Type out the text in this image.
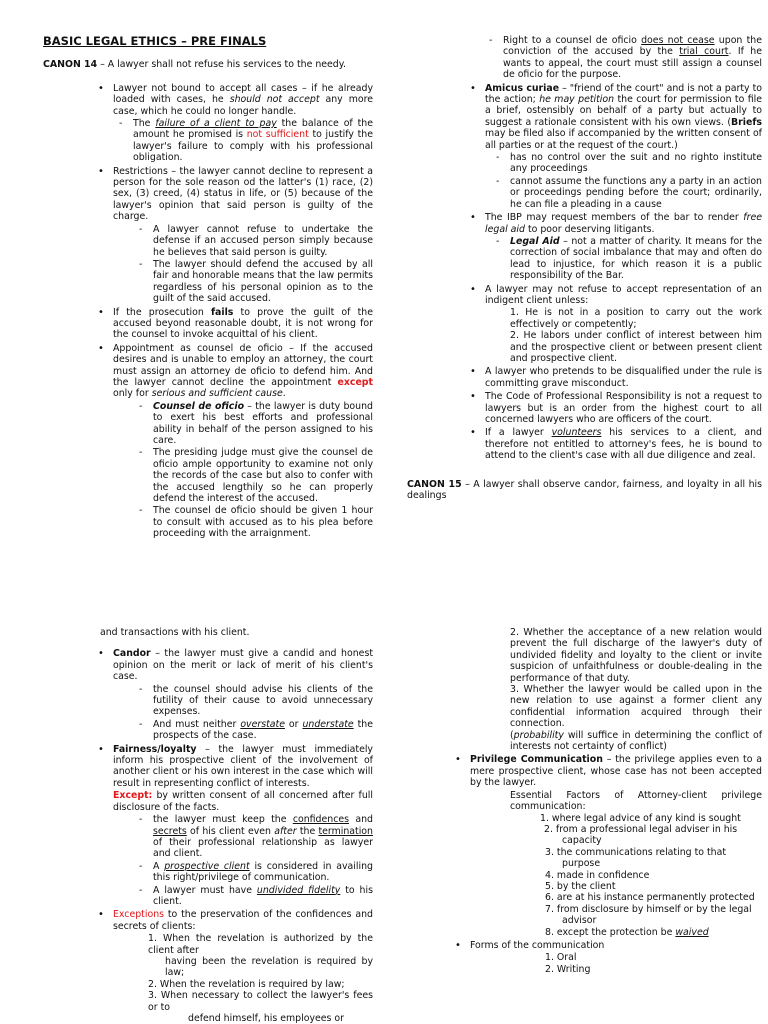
BASIC LEGAL ETHICS – PRE FINALS

CANON 14 – A lawyer shall not refuse his services to the needy.

• Lawyer not bound to accept all cases – if he already loaded with cases, he should not accept any more case, which he could no longer handle.
- The failure of a client to pay the balance of the amount he promised is not sufficient to justify the lawyer's failure to comply with his professional obligation.
• Restrictions – the lawyer cannot decline to represent a person for the sole reason od the latter's (1) race, (2) sex, (3) creed, (4) status in life, or (5) because of the lawyer's opinion that said person is guilty of the charge.
- A lawyer cannot refuse to undertake the defense if an accused person simply because he believes that said person is guilty.
- The lawyer should defend the accused by all fair and honorable means that the law permits regardless of his personal opinion as to the guilt of the said accused.
• If the prosecution fails to prove the guilt of the accused beyond reasonable doubt, it is not wrong for the counsel to invoke acquittal of his client.
• Appointment as counsel de oficio – If the accused desires and is unable to employ an attorney, the court must assign an attorney de oficio to defend him. And the lawyer cannot decline the appointment except only for serious and sufficient cause.
- Counsel de oficio – the lawyer is duty bound to exert his best efforts and professional ability in behalf of the person assigned to his care.
- The presiding judge must give the counsel de oficio ample opportunity to examine not only the records of the case but also to confer with the accused lengthily so he can properly defend the interest of the accused.
- The counsel de oficio should be given 1 hour to consult with accused as to his plea before proceeding with the arraignment.
- Right to a counsel de oficio does not cease upon the conviction of the accused by the trial court. If he wants to appeal, the court must still assign a counsel de oficio for the purpose.
• Amicus curiae – "friend of the court" and is not a party to the action; he may petition the court for permission to file a brief, ostensibly on behalf of a party but actually to suggest a rationale consistent with his own views. (Briefs may be filed also if accompanied by the written consent of all parties or at the request of the court.)
- has no control over the suit and no righto institute any proceedings
- cannot assume the functions any a party in an action or proceedings pending before the court; ordinarily, he can file a pleading in a cause
• The IBP may request members of the bar to render free legal aid to poor deserving litigants.
- Legal Aid – not a matter of charity. It means for the correction of social imbalance that may and often do lead to injustice, for which reason it is a public responsibility of the Bar.
• A lawyer may not refuse to accept representation of an indigent client unless:
1. He is not in a position to carry out the work effectively or competently;
2. He labors under conflict of interest between him and the prospective client or between present client and prospective client.
• A lawyer who pretends to be disqualified under the rule is committing grave misconduct.
• The Code of Professional Responsibility is not a request to lawyers but is an order from the highest court to all concerned lawyers who are officers of the court.
• If a lawyer volunteers his services to a client, and therefore not entitled to attorney's fees, he is bound to attend to the client's case with all due diligence and zeal.

CANON 15 – A lawyer shall observe candor, fairness, and loyalty in all his dealings

and transactions with his client.

• Candor – the lawyer must give a candid and honest opinion on the merit or lack of merit of his client's case.
- the counsel should advise his clients of the futility of their cause to avoid unnecessary expenses.
- And must neither overstate or understate the prospects of the case.
• Fairness/loyalty – the lawyer must immediately inform his prospective client of the involvement of another client or his own interest in the case which will result in representing conflict of interests.

Except: by written consent of all concerned after full disclosure of the facts.

- the lawyer must keep the confidences and secrets of his client even after the termination of their professional relationship as lawyer and client.
- A prospective client is considered in availing this right/privilege of communication.
- A lawyer must have undivided fidelity to his client.
• Exceptions to the preservation of the confidences and secrets of clients:
1. When the revelation is authorized by the client after
having been the revelation is required by law;
2. When the revelation is required by law;
3. When necessary to collect the lawyer's fees or to
defend himself, his employees or
2. Whether the acceptance of a new relation would prevent the full discharge of the lawyer's duty of undivided fidelity and loyalty to the client or invite suspicion of unfaithfulness or double-dealing in the performance of that duty.
3. Whether the lawyer would be called upon in the new relation to use against a former client any confidential information acquired through their connection.
(probability will suffice in determining the conflict of interests not certainty of conflict)
• Privilege Communication – the privilege applies even to a mere prospective client, whose case has not been accepted by the lawyer.
Essential Factors of Attorney-client privilege communication:
1. where legal advice of any kind is sought
2. from a professional legal adviser in his
capacity
3. the communications relating to that
purpose
4. made in confidence
5. by the client
6. are at his instance permanently protected
7. from disclosure by himself or by the legal
advisor
8. except the protection be waived
• Forms of the communication
1. Oral
2. Writing
